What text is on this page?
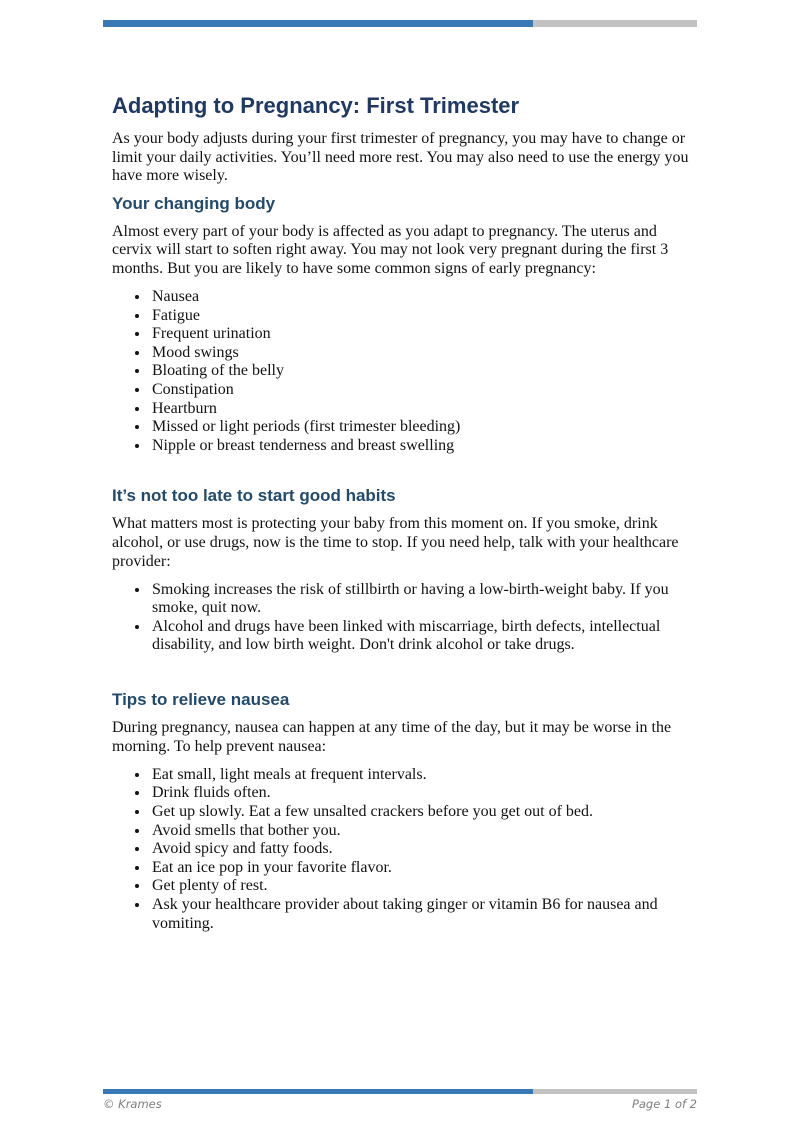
Adapting to Pregnancy: First Trimester

As your body adjusts during your first trimester of pregnancy, you may have to change or limit your daily activities. You’ll need more rest. You may also need to use the energy you have more wisely.

Your changing body

Almost every part of your body is affected as you adapt to pregnancy. The uterus and cervix will start to soften right away. You may not look very pregnant during the first 3 months. But you are likely to have some common signs of early pregnancy:

• Nausea
• Fatigue
• Frequent urination
• Mood swings
• Bloating of the belly
• Constipation
• Heartburn
• Missed or light periods (first trimester bleeding)
• Nipple or breast tenderness and breast swelling
It’s not too late to start good habits

What matters most is protecting your baby from this moment on. If you smoke, drink alcohol, or use drugs, now is the time to stop. If you need help, talk with your healthcare provider:

• Smoking increases the risk of stillbirth or having a low-birth-weight baby. If you smoke, quit now.
• Alcohol and drugs have been linked with miscarriage, birth defects, intellectual disability, and low birth weight. Don't drink alcohol or take drugs.
Tips to relieve nausea

During pregnancy, nausea can happen at any time of the day, but it may be worse in the morning. To help prevent nausea:

• Eat small, light meals at frequent intervals.
• Drink fluids often.
• Get up slowly. Eat a few unsalted crackers before you get out of bed.
• Avoid smells that bother you.
• Avoid spicy and fatty foods.
• Eat an ice pop in your favorite flavor.
• Get plenty of rest.
• Ask your healthcare provider about taking ginger or vitamin B6 for nausea and vomiting.
© Krames	Page 1 of 2
